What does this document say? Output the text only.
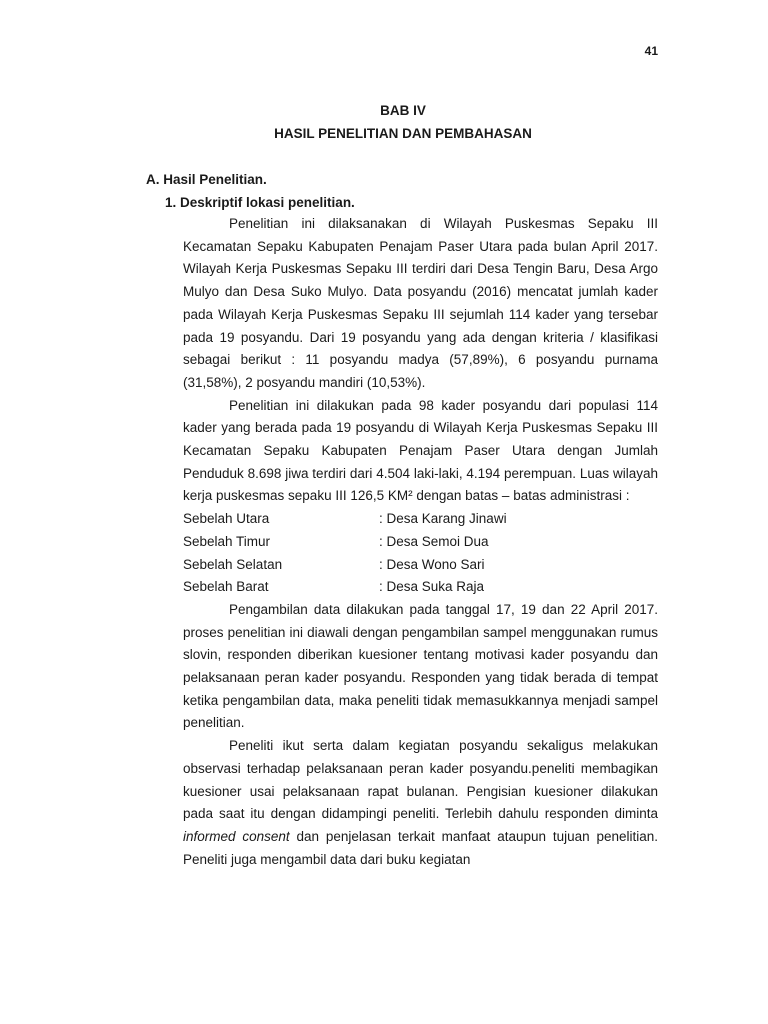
41
BAB IV
HASIL PENELITIAN DAN PEMBAHASAN
A. Hasil Penelitian.
1. Deskriptif lokasi penelitian.

Penelitian ini dilaksanakan di Wilayah Puskesmas Sepaku III Kecamatan Sepaku Kabupaten Penajam Paser Utara pada bulan April 2017. Wilayah Kerja Puskesmas Sepaku III terdiri dari Desa Tengin Baru, Desa Argo Mulyo dan Desa Suko Mulyo. Data posyandu (2016) mencatat jumlah kader pada Wilayah Kerja Puskesmas Sepaku III sejumlah 114 kader yang tersebar pada 19 posyandu. Dari 19 posyandu yang ada dengan kriteria / klasifikasi sebagai berikut : 11 posyandu madya (57,89%), 6 posyandu purnama (31,58%), 2 posyandu mandiri (10,53%).

Penelitian ini dilakukan pada 98 kader posyandu dari populasi 114 kader yang berada pada 19 posyandu di Wilayah Kerja Puskesmas Sepaku III Kecamatan Sepaku Kabupaten Penajam Paser Utara dengan Jumlah Penduduk 8.698 jiwa terdiri dari 4.504 laki-laki, 4.194 perempuan. Luas wilayah kerja puskesmas sepaku III 126,5 KM² dengan batas – batas administrasi :

Sebelah Utara	: Desa Karang Jinawi
Sebelah Timur	: Desa Semoi Dua
Sebelah Selatan	: Desa Wono Sari
Sebelah Barat	: Desa Suka Raja

Pengambilan data dilakukan pada tanggal 17, 19 dan 22 April 2017. proses penelitian ini diawali dengan pengambilan sampel menggunakan rumus slovin, responden diberikan kuesioner tentang motivasi kader posyandu dan pelaksanaan peran kader posyandu. Responden yang tidak berada di tempat ketika pengambilan data, maka peneliti tidak memasukkannya menjadi sampel penelitian.

Peneliti ikut serta dalam kegiatan posyandu sekaligus melakukan observasi terhadap pelaksanaan peran kader posyandu.peneliti membagikan kuesioner usai pelaksanaan rapat bulanan. Pengisian kuesioner dilakukan pada saat itu dengan didampingi peneliti. Terlebih dahulu responden diminta informed consent dan penjelasan terkait manfaat ataupun tujuan penelitian. Peneliti juga mengambil data dari buku kegiatan
